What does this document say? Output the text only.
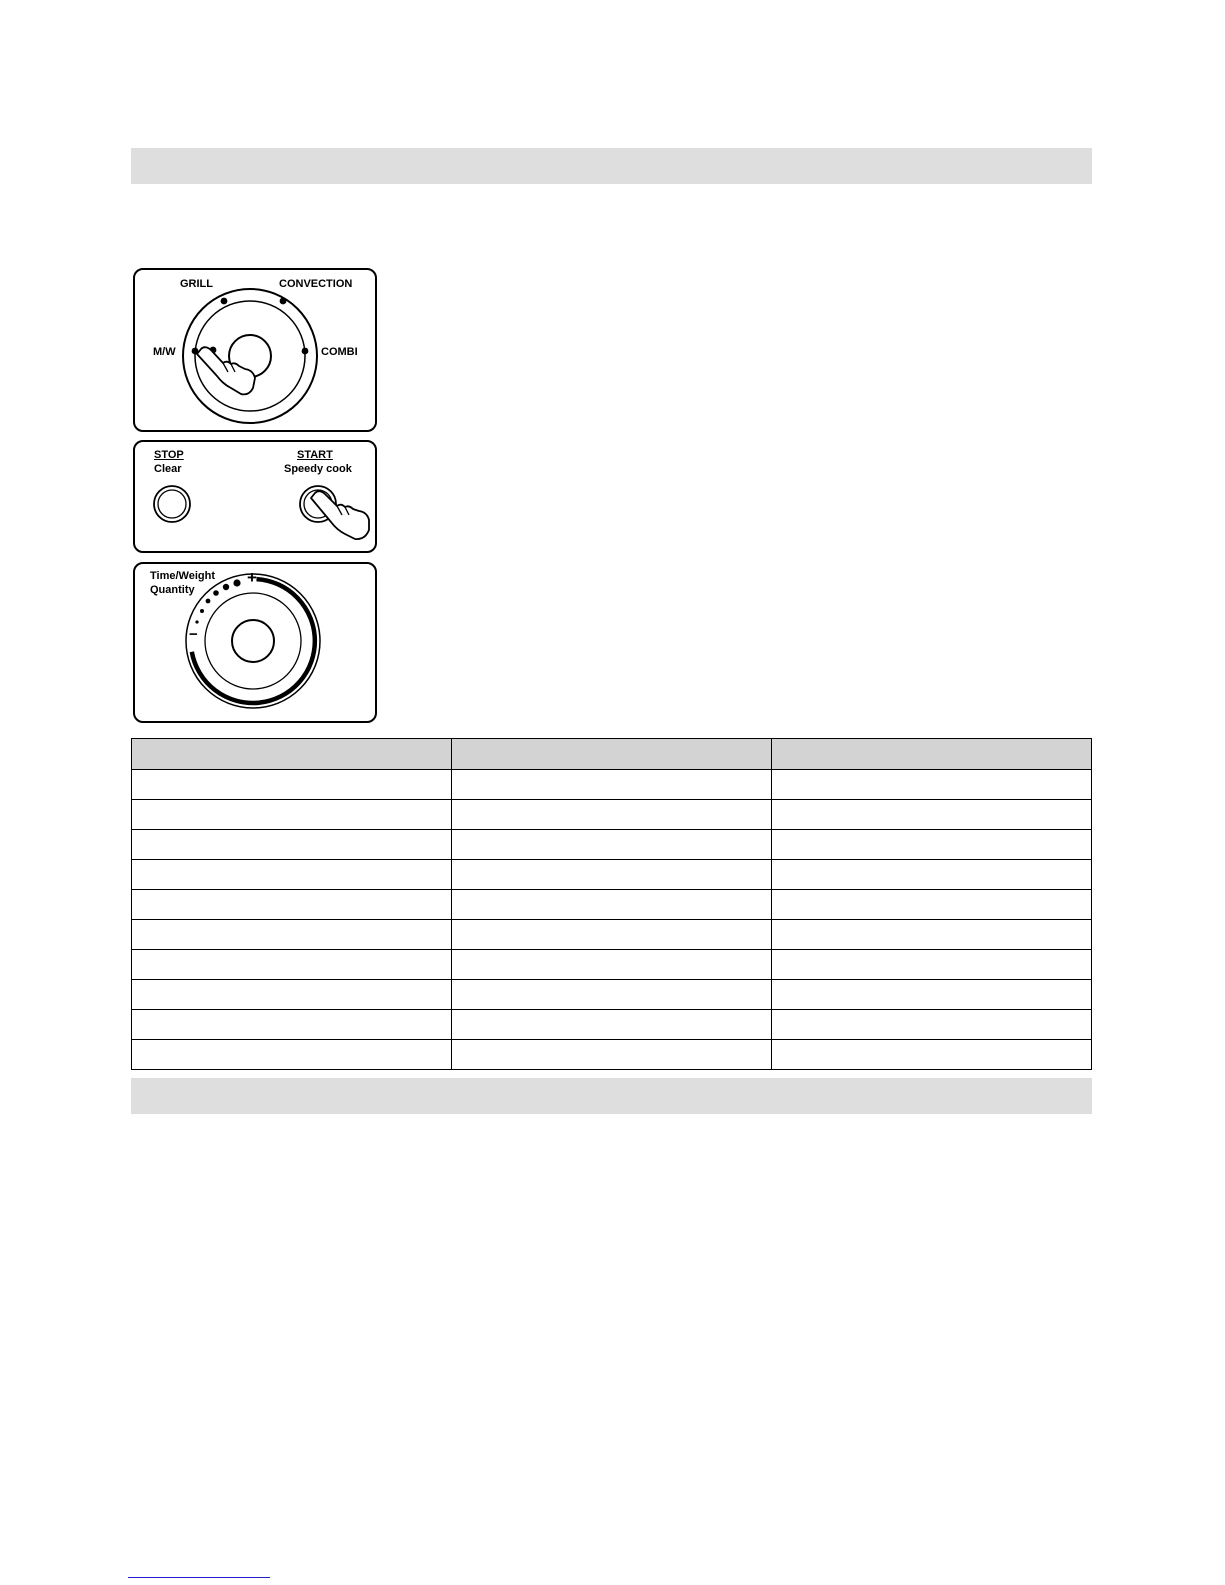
GRILL	CONVECTION
M/W	COMBI
STOP
Clear
START
Speedy cook
Time/Weight
Quantity
+
−
